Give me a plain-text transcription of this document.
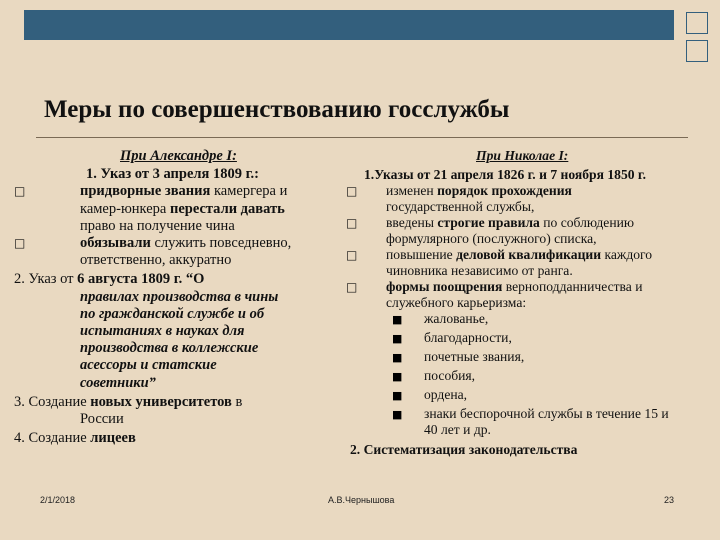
Меры по совершенствованию госслужбы
При Александре I:
1. Указ от 3 апреля 1809 г.:
□	придворные звания камергера и
камер-юнкера перестали давать
право на получение чина
□	обязывали служить повседневно,
ответственно, аккуратно
2. Указ от 6 августа 1809 г. “О
правилах производства в чины
по гражданской службе и об
испытаниях в науках для
производства в коллежские
асессоры и статские
советники”
3. Создание новых университетов в
России
4. Создание лицеев
При Николае I:
1.Указы от 21 апреля 1826 г. и 7 ноября 1850 г.
□ изменен порядок прохождения
государственной службы,
□ введены строгие правила по соблюдению
формулярного (послужного) списка,
□ повышение деловой квалификации каждого
чиновника независимо от ранга.
□ формы поощрения верноподданничества и
служебного карьеризма:
■ жалованье,
■ благодарности,
■ почетные звания,
■ пособия,
■ ордена,
■ знаки беспорочной службы в течение 15 и
40 лет и др.
2. Систематизация законодательства
2/1/2018	А.В.Чернышова	23
